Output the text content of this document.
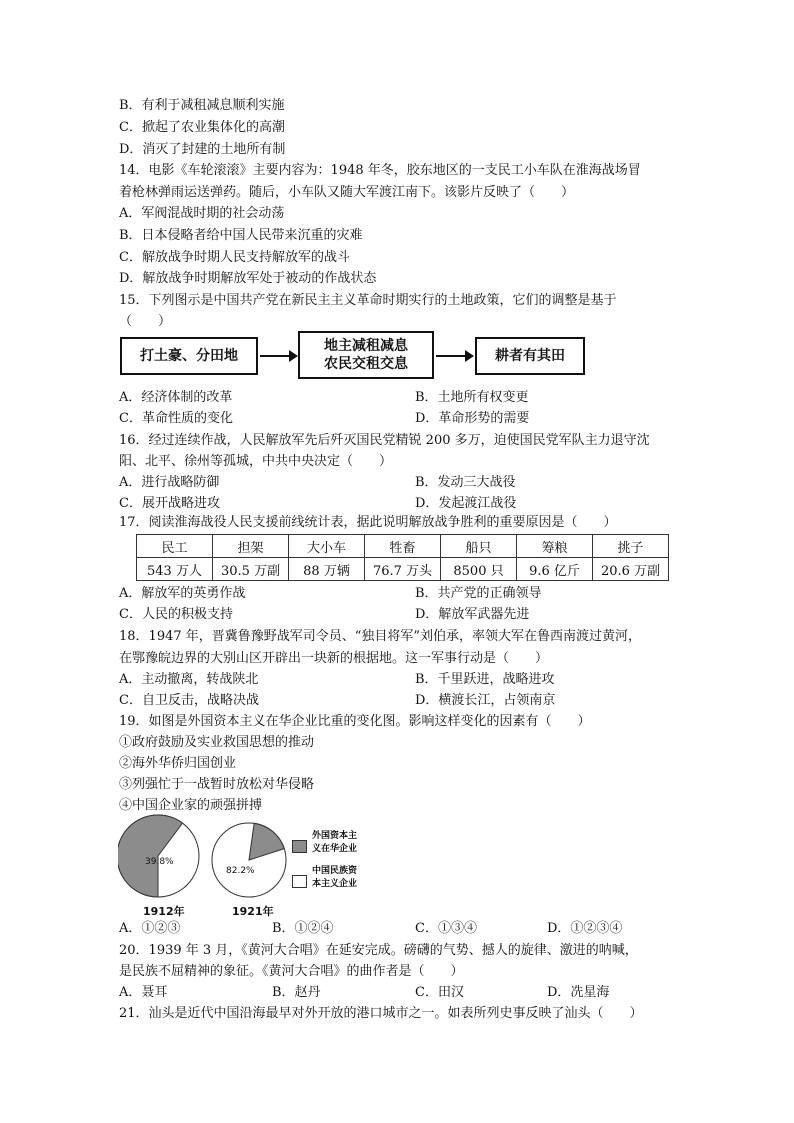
B．有利于减租减息顺利实施
C．掀起了农业集体化的高潮
D．消灭了封建的土地所有制
14．电影《车轮滚滚》主要内容为：1948 年冬，胶东地区的一支民工小车队在淮海战场冒
着枪林弹雨运送弹药。随后，小车队又随大军渡江南下。该影片反映了（　　）
A．军阀混战时期的社会动荡
B．日本侵略者给中国人民带来沉重的灾难
C．解放战争时期人民支持解放军的战斗
D．解放战争时期解放军处于被动的作战状态
15．下列图示是中国共产党在新民主主义革命时期实行的土地政策，它们的调整是基于
（　　）
打土豪、分田地
地主减租减息
农民交租交息	耕者有其田
A．经济体制的改革	B．土地所有权变更
C．革命性质的变化	D．革命形势的需要
16．经过连续作战，人民解放军先后歼灭国民党精锐 200 多万，迫使国民党军队主力退守沈
阳、北平、徐州等孤城，中共中央决定（　　）
A．进行战略防御	B．发动三大战役
C．展开战略进攻	D．发起渡江战役
17．阅读淮海战役人民支援前线统计表，据此说明解放战争胜利的重要原因是（　　）
民工	担架	大小车	牲畜	船只	筹粮	挑子
543 万人	30.5 万副	88 万辆	76.7 万头	8500 只	9.6 亿斤	20.6 万副
A．解放军的英勇作战	B．共产党的正确领导
C．人民的积极支持	D．解放军武器先进
18．1947 年，晋冀鲁豫野战军司令员、“独目将军”刘伯承，率领大军在鲁西南渡过黄河，
在鄂豫皖边界的大别山区开辟出一块新的根据地。这一军事行动是（　　）
A．主动撤离，转战陕北	B．千里跃进，战略进攻
C．自卫反击，战略决战	D．横渡长江，占领南京
19．如图是外国资本主义在华企业比重的变化图。影响这样变化的因素有（　　）
①政府鼓励及实业救国思想的推动
②海外华侨归国创业
③列强忙于一战暂时放松对华侵略
④中国企业家的顽强拼搏
39.8%
82.2%
1912年	1921年
外国资本主
义在华企业
中国民族资
本主义企业
A．①②③	B．①②④	C．①③④	D．①②③④
20．1939 年 3 月，《黄河大合唱》在延安完成。磅礴的气势、撼人的旋律、激进的呐喊，
是民族不屈精神的象征。《黄河大合唱》的曲作者是（　　）
A．聂耳	B．赵丹	C．田汉	D．冼星海
21．汕头是近代中国沿海最早对外开放的港口城市之一。如表所列史事反映了汕头（　　）
